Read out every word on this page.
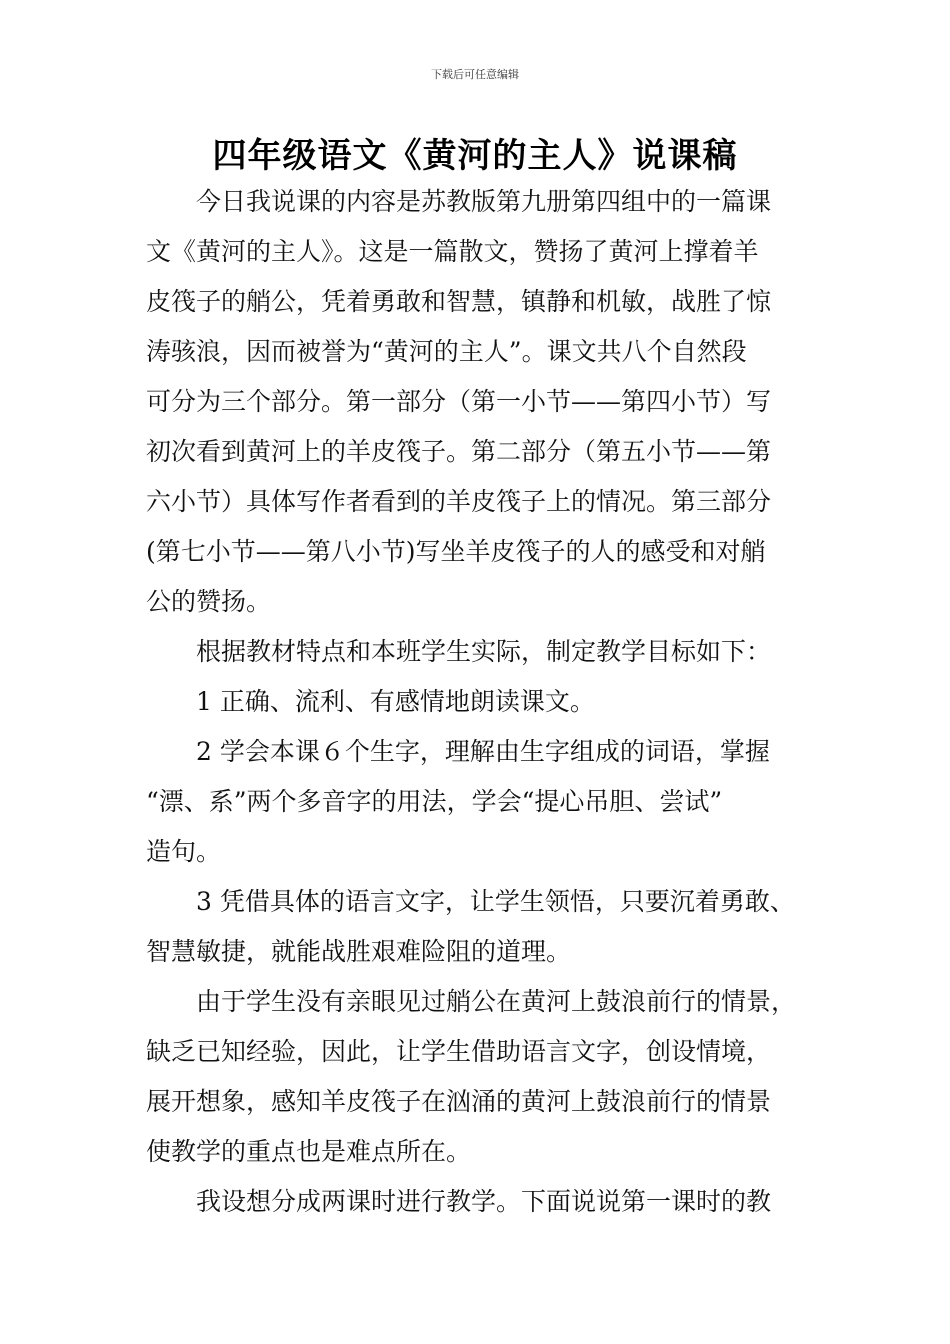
下载后可任意编辑
四年级语文《黄河的主人》说课稿
今日我说课的内容是苏教版第九册第四组中的一篇课
文《黄河的主人》。这是一篇散文，赞扬了黄河上撑着羊
皮筏子的艄公，凭着勇敢和智慧，镇静和机敏，战胜了惊
涛骇浪，因而被誉为“黄河的主人”。课文共八个自然段
可分为三个部分。第一部分（第一小节——第四小节）写
初次看到黄河上的羊皮筏子。第二部分（第五小节——第
六小节）具体写作者看到的羊皮筏子上的情况。第三部分
(第七小节——第八小节)写坐羊皮筏子的人的感受和对艄
公的赞扬。
根据教材特点和本班学生实际，制定教学目标如下：
1 正确、流利、有感情地朗读课文。
2 学会本课６个生字，理解由生字组成的词语，掌握
“漂、系”两个多音字的用法，学会“提心吊胆、尝试”
造句。
3 凭借具体的语言文字，让学生领悟，只要沉着勇敢、
智慧敏捷，就能战胜艰难险阻的道理。
由于学生没有亲眼见过艄公在黄河上鼓浪前行的情景，
缺乏已知经验，因此，让学生借助语言文字，创设情境，
展开想象，感知羊皮筏子在汹涌的黄河上鼓浪前行的情景
使教学的重点也是难点所在。
我设想分成两课时进行教学。下面说说第一课时的教
